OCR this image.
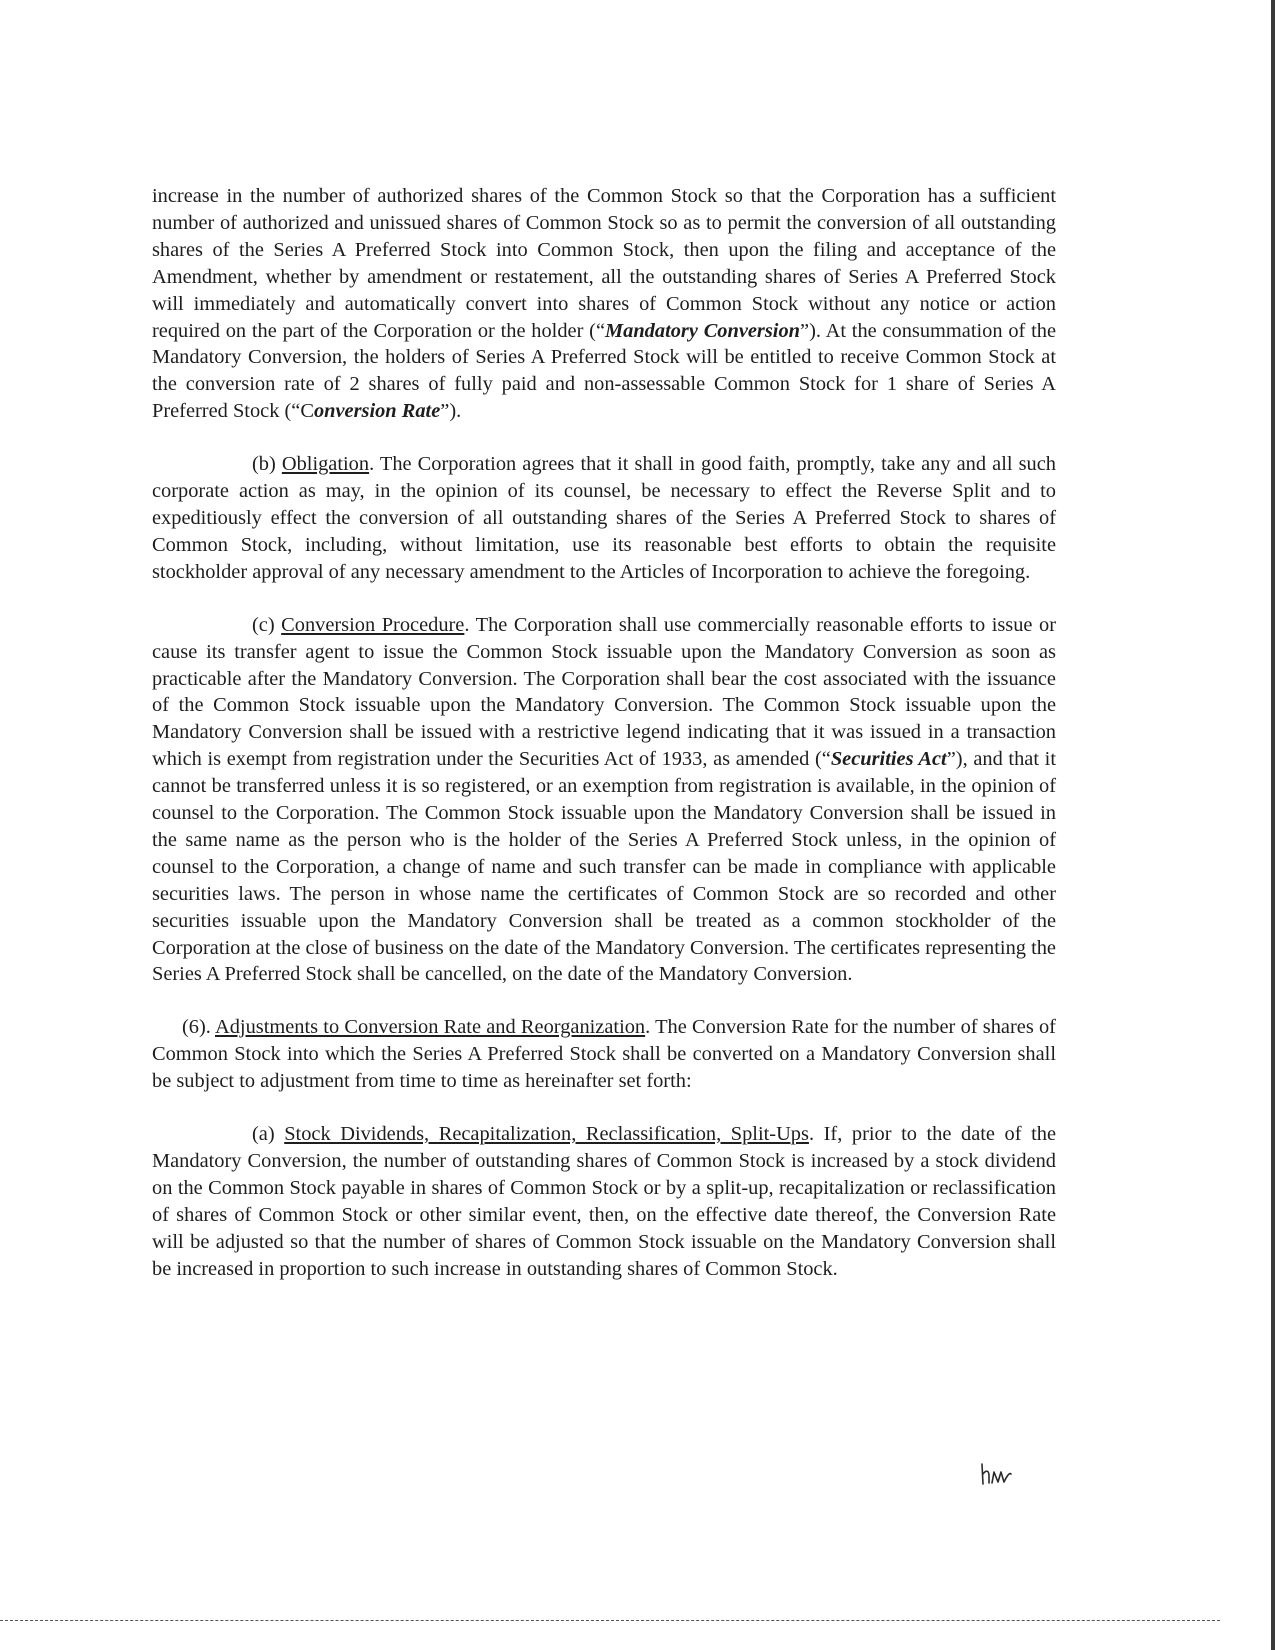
increase in the number of authorized shares of the Common Stock so that the Corporation has a sufficient number of authorized and unissued shares of Common Stock so as to permit the conversion of all outstanding shares of the Series A Preferred Stock into Common Stock, then upon the filing and acceptance of the Amendment, whether by amendment or restatement, all the outstanding shares of Series A Preferred Stock will immediately and automatically convert into shares of Common Stock without any notice or action required on the part of the Corporation or the holder (“Mandatory Conversion”). At the consummation of the Mandatory Conversion, the holders of Series A Preferred Stock will be entitled to receive Common Stock at the conversion rate of 2 shares of fully paid and non-assessable Common Stock for 1 share of Series A Preferred Stock (“Conversion Rate”).

(b) Obligation. The Corporation agrees that it shall in good faith, promptly, take any and all such corporate action as may, in the opinion of its counsel, be necessary to effect the Reverse Split and to expeditiously effect the conversion of all outstanding shares of the Series A Preferred Stock to shares of Common Stock, including, without limitation, use its reasonable best efforts to obtain the requisite stockholder approval of any necessary amendment to the Articles of Incorporation to achieve the foregoing.

(c) Conversion Procedure. The Corporation shall use commercially reasonable efforts to issue or cause its transfer agent to issue the Common Stock issuable upon the Mandatory Conversion as soon as practicable after the Mandatory Conversion. The Corporation shall bear the cost associated with the issuance of the Common Stock issuable upon the Mandatory Conversion. The Common Stock issuable upon the Mandatory Conversion shall be issued with a restrictive legend indicating that it was issued in a transaction which is exempt from registration under the Securities Act of 1933, as amended (“Securities Act”), and that it cannot be transferred unless it is so registered, or an exemption from registration is available, in the opinion of counsel to the Corporation. The Common Stock issuable upon the Mandatory Conversion shall be issued in the same name as the person who is the holder of the Series A Preferred Stock unless, in the opinion of counsel to the Corporation, a change of name and such transfer can be made in compliance with applicable securities laws. The person in whose name the certificates of Common Stock are so recorded and other securities issuable upon the Mandatory Conversion shall be treated as a common stockholder of the Corporation at the close of business on the date of the Mandatory Conversion. The certificates representing the Series A Preferred Stock shall be cancelled, on the date of the Mandatory Conversion.

(6). Adjustments to Conversion Rate and Reorganization. The Conversion Rate for the number of shares of Common Stock into which the Series A Preferred Stock shall be converted on a Mandatory Conversion shall be subject to adjustment from time to time as hereinafter set forth:

(a) Stock Dividends, Recapitalization, Reclassification, Split-Ups. If, prior to the date of the Mandatory Conversion, the number of outstanding shares of Common Stock is increased by a stock dividend on the Common Stock payable in shares of Common Stock or by a split-up, recapitalization or reclassification of shares of Common Stock or other similar event, then, on the effective date thereof, the Conversion Rate will be adjusted so that the number of shares of Common Stock issuable on the Mandatory Conversion shall be increased in proportion to such increase in outstanding shares of Common Stock.
